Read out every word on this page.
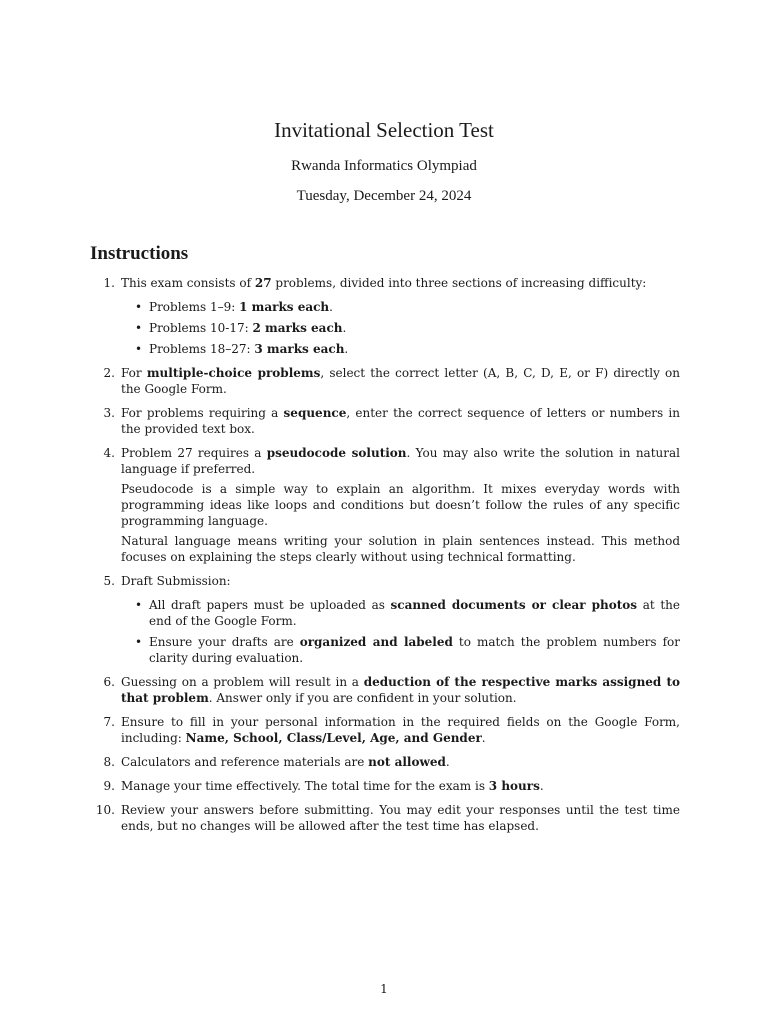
Invitational Selection Test
Rwanda Informatics Olympiad
Tuesday, December 24, 2024
Instructions
1. This exam consists of 27 problems, divided into three sections of increasing difficulty:

• Problems 1–9: 1 marks each.
• Problems 10-17: 2 marks each.
• Problems 18–27: 3 marks each.
2. For multiple-choice problems, select the correct letter (A, B, C, D, E, or F) directly on the Google Form.

3. For problems requiring a sequence, enter the correct sequence of letters or numbers in the provided text box.

4. Problem 27 requires a pseudocode solution. You may also write the solution in natural language if preferred.

Pseudocode is a simple way to explain an algorithm. It mixes everyday words with programming ideas like loops and conditions but doesn’t follow the rules of any specific programming language.

Natural language means writing your solution in plain sentences instead. This method focuses on explaining the steps clearly without using technical formatting.

5. Draft Submission:

• All draft papers must be uploaded as scanned documents or clear photos at the end of the Google Form.
• Ensure your drafts are organized and labeled to match the problem numbers for clarity during evaluation.
6. Guessing on a problem will result in a deduction of the respective marks assigned to that problem. Answer only if you are confident in your solution.

7. Ensure to fill in your personal information in the required fields on the Google Form, including: Name, School, Class/Level, Age, and Gender.

8. Calculators and reference materials are not allowed.

9. Manage your time effectively. The total time for the exam is 3 hours.

10. Review your answers before submitting. You may edit your responses until the test time ends, but no changes will be allowed after the test time has elapsed.

1
